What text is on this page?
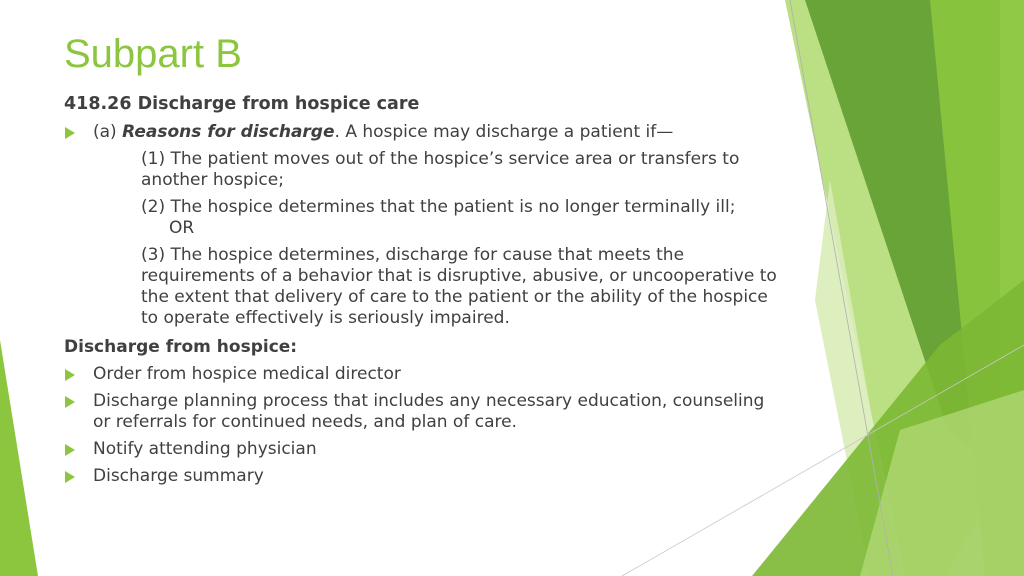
Subpart B
418.26 Discharge from hospice care
(a) Reasons for discharge. A hospice may discharge a patient if—
(1) The patient moves out of the hospice’s service area or transfers to another hospice;
(2) The hospice determines that the patient is no longer terminally ill;
OR
(3) The hospice determines, discharge for cause that meets the requirements of a behavior that is disruptive, abusive, or uncooperative to the extent that delivery of care to the patient or the ability of the hospice to operate effectively is seriously impaired.
Discharge from hospice:
Order from hospice medical director
Discharge planning process that includes any necessary education, counseling or referrals for continued needs, and plan of care.
Notify attending physician
Discharge summary
